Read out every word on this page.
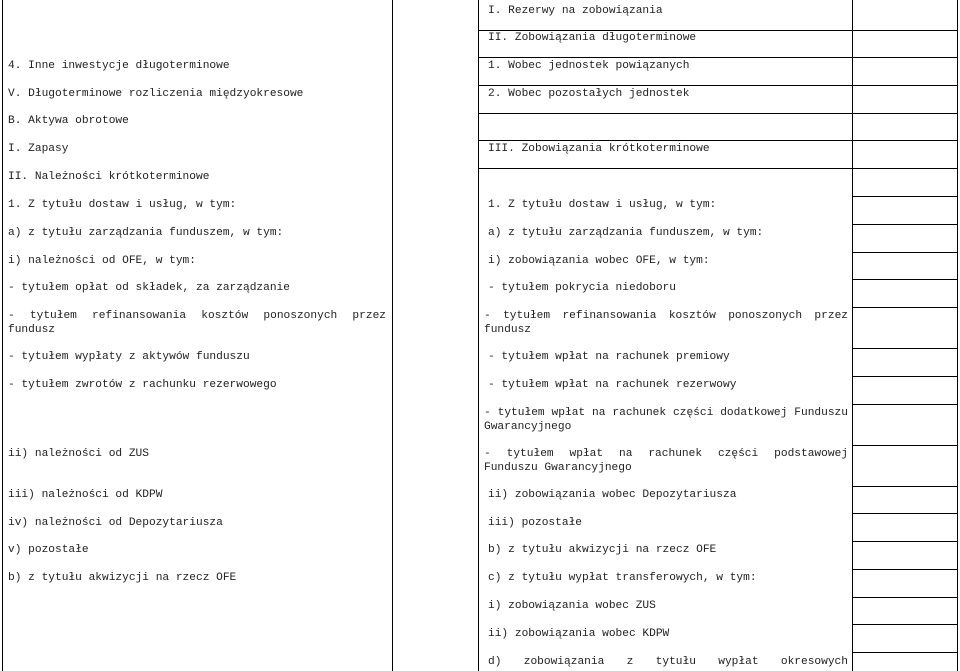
4. Inne inwestycje długoterminowe
V. Długoterminowe rozliczenia międzyokresowe
B. Aktywa obrotowe
I. Zapasy
II. Należności krótkoterminowe
1. Z tytułu dostaw i usług, w tym:
a) z tytułu zarządzania funduszem, w tym:
i) należności od OFE, w tym:
- tytułem opłat od składek, za zarządzanie
- tytułem refinansowania kosztów ponoszonych przez fundusz
- tytułem wypłaty z aktywów funduszu
- tytułem zwrotów z rachunku rezerwowego
ii) należności od ZUS
iii) należności od KDPW
iv) należności od Depozytariusza
v) pozostałe
b) z tytułu akwizycji na rzecz OFE
I. Rezerwy na zobowiązania
II. Zobowiązania długoterminowe
1. Wobec jednostek powiązanych
2. Wobec pozostałych jednostek
III. Zobowiązania krótkoterminowe
1. Z tytułu dostaw i usług, w tym:
a) z tytułu zarządzania funduszem, w tym:
i) zobowiązania wobec OFE, w tym:
- tytułem pokrycia niedoboru
- tytułem refinansowania kosztów ponoszonych przez fundusz
- tytułem wpłat na rachunek premiowy
- tytułem wpłat na rachunek rezerwowy
- tytułem wpłat na rachunek części dodatkowej Funduszu Gwarancyjnego
- tytułem wpłat na rachunek części podstawowej Funduszu Gwarancyjnego
ii) zobowiązania wobec Depozytariusza
iii) pozostałe
b) z tytułu akwizycji na rzecz OFE
c) z tytułu wypłat transferowych, w tym:
i) zobowiązania wobec ZUS
ii) zobowiązania wobec KDPW
d) zobowiązania z tytułu wypłat okresowych
